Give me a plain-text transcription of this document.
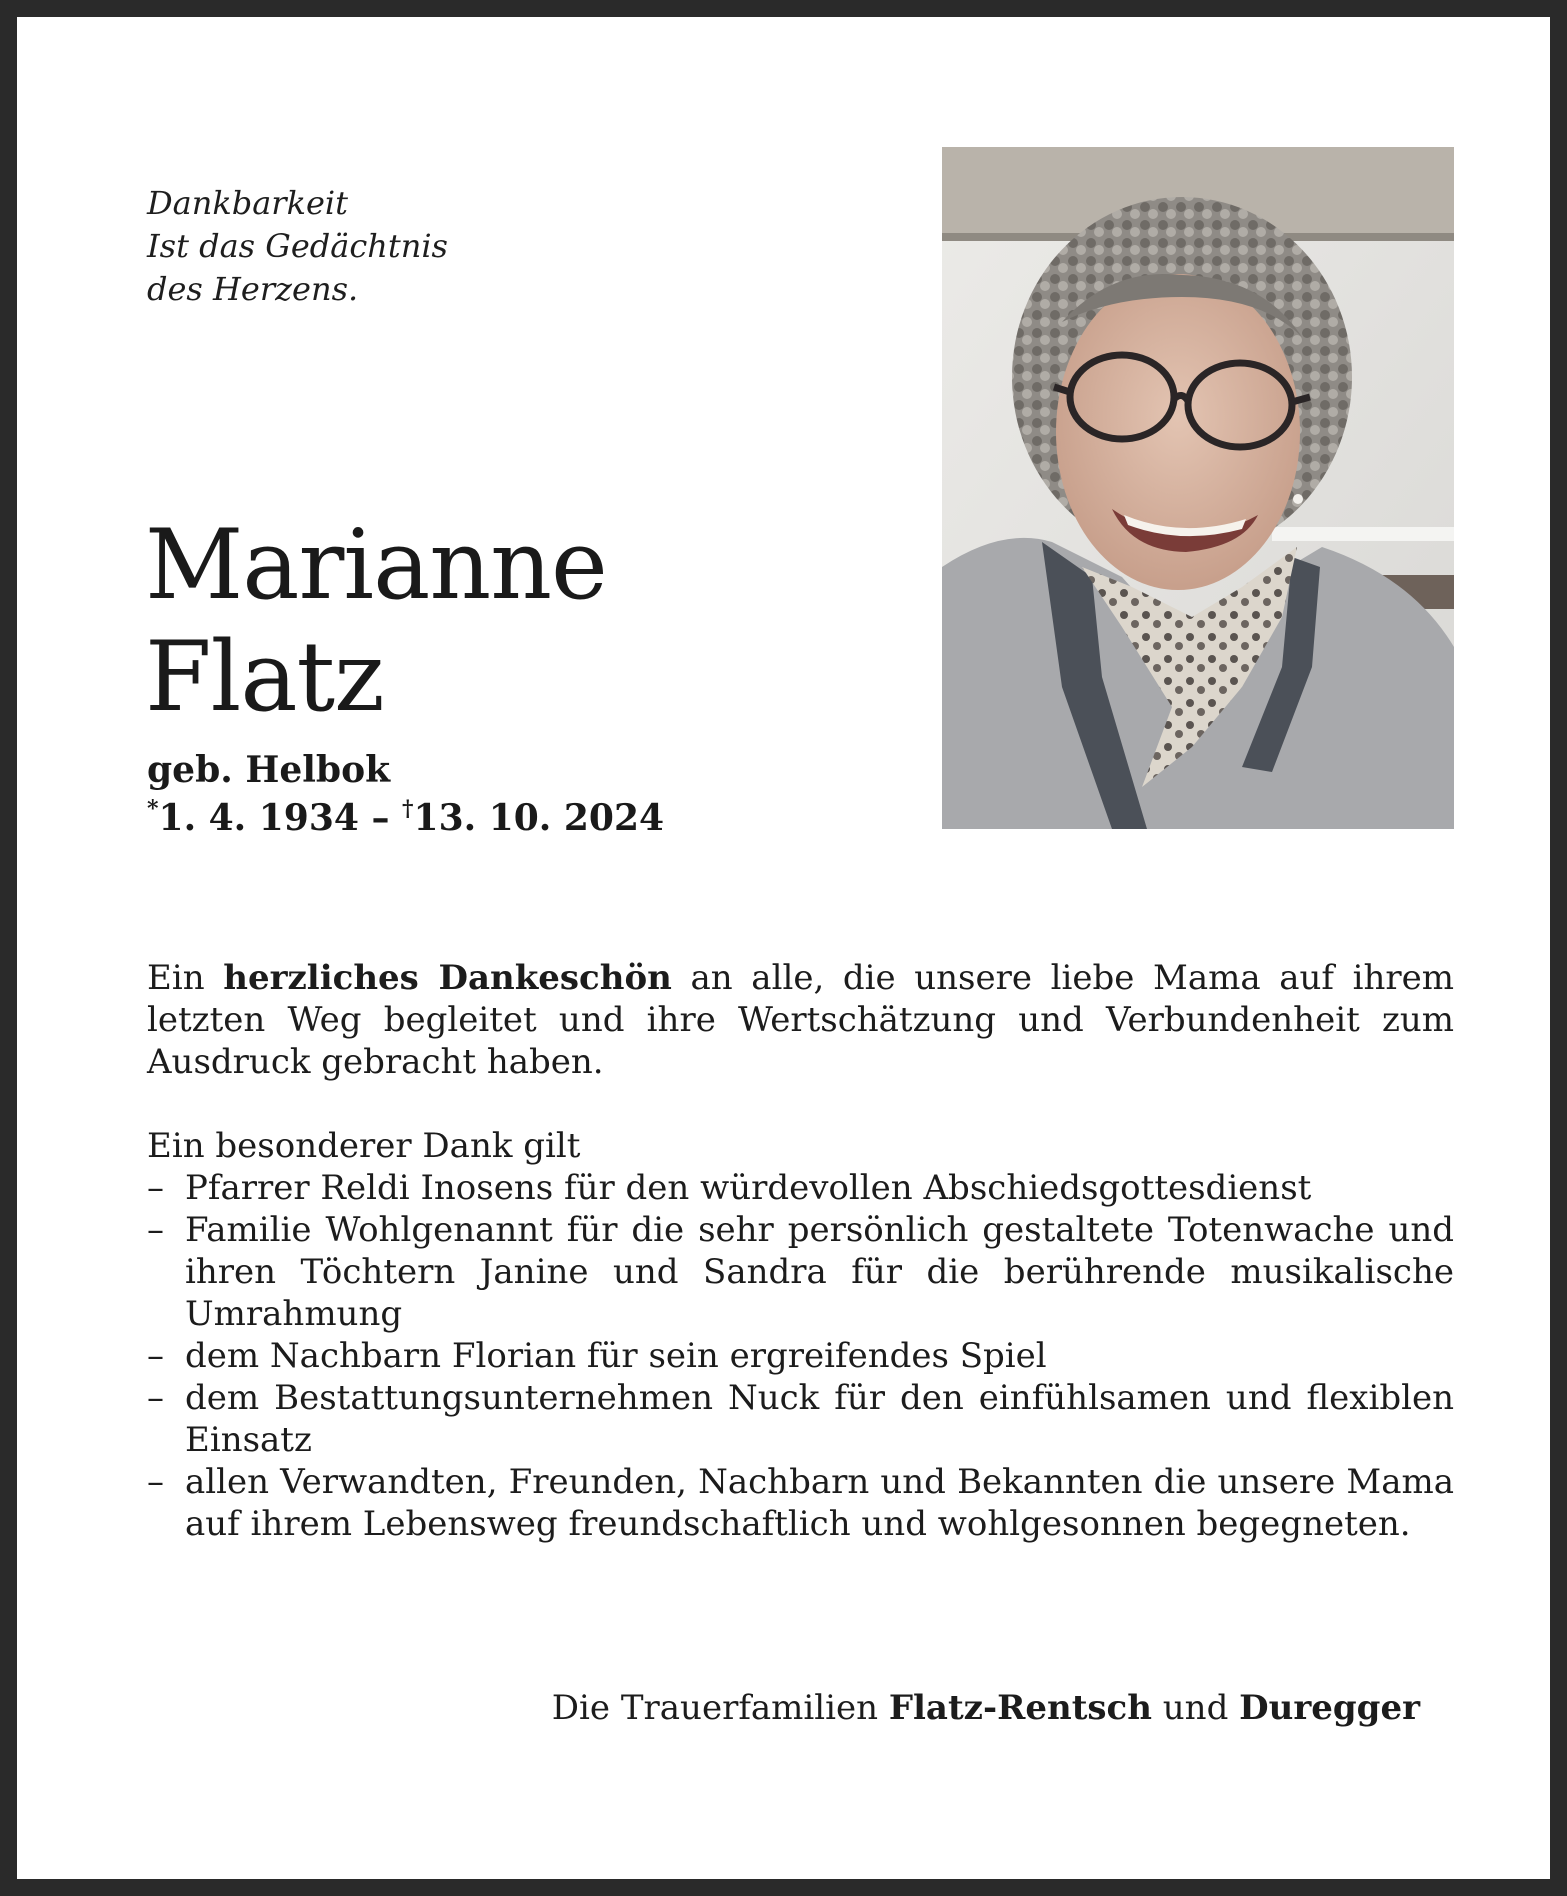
Dankbarkeit
Ist das Gedächtnis
des Herzens.
Marianne
Flatz
geb. Helbok
*1. 4. 1934 – †13. 10. 2024

Ein herzliches Dankeschön an alle, die unsere liebe Mama auf ihrem letzten Weg begleitet und ihre Wertschätzung und Verbundenheit zum Ausdruck gebracht haben.

Ein besonderer Dank gilt

– Pfarrer Reldi Inosens für den würdevollen Abschiedsgottesdienst
– Familie Wohlgenannt für die sehr persönlich gestaltete Totenwache und ihren Töchtern Janine und Sandra für die berührende musikalische Umrahmung
– dem Nachbarn Florian für sein ergreifendes Spiel
– dem Bestattungsunternehmen Nuck für den einfühlsamen und flexiblen Einsatz
– allen Verwandten, Freunden, Nachbarn und Bekannten die unsere Mama auf ihrem Lebensweg freundschaftlich und wohlgesonnen begegneten.
Die Trauerfamilien Flatz-Rentsch und Duregger
